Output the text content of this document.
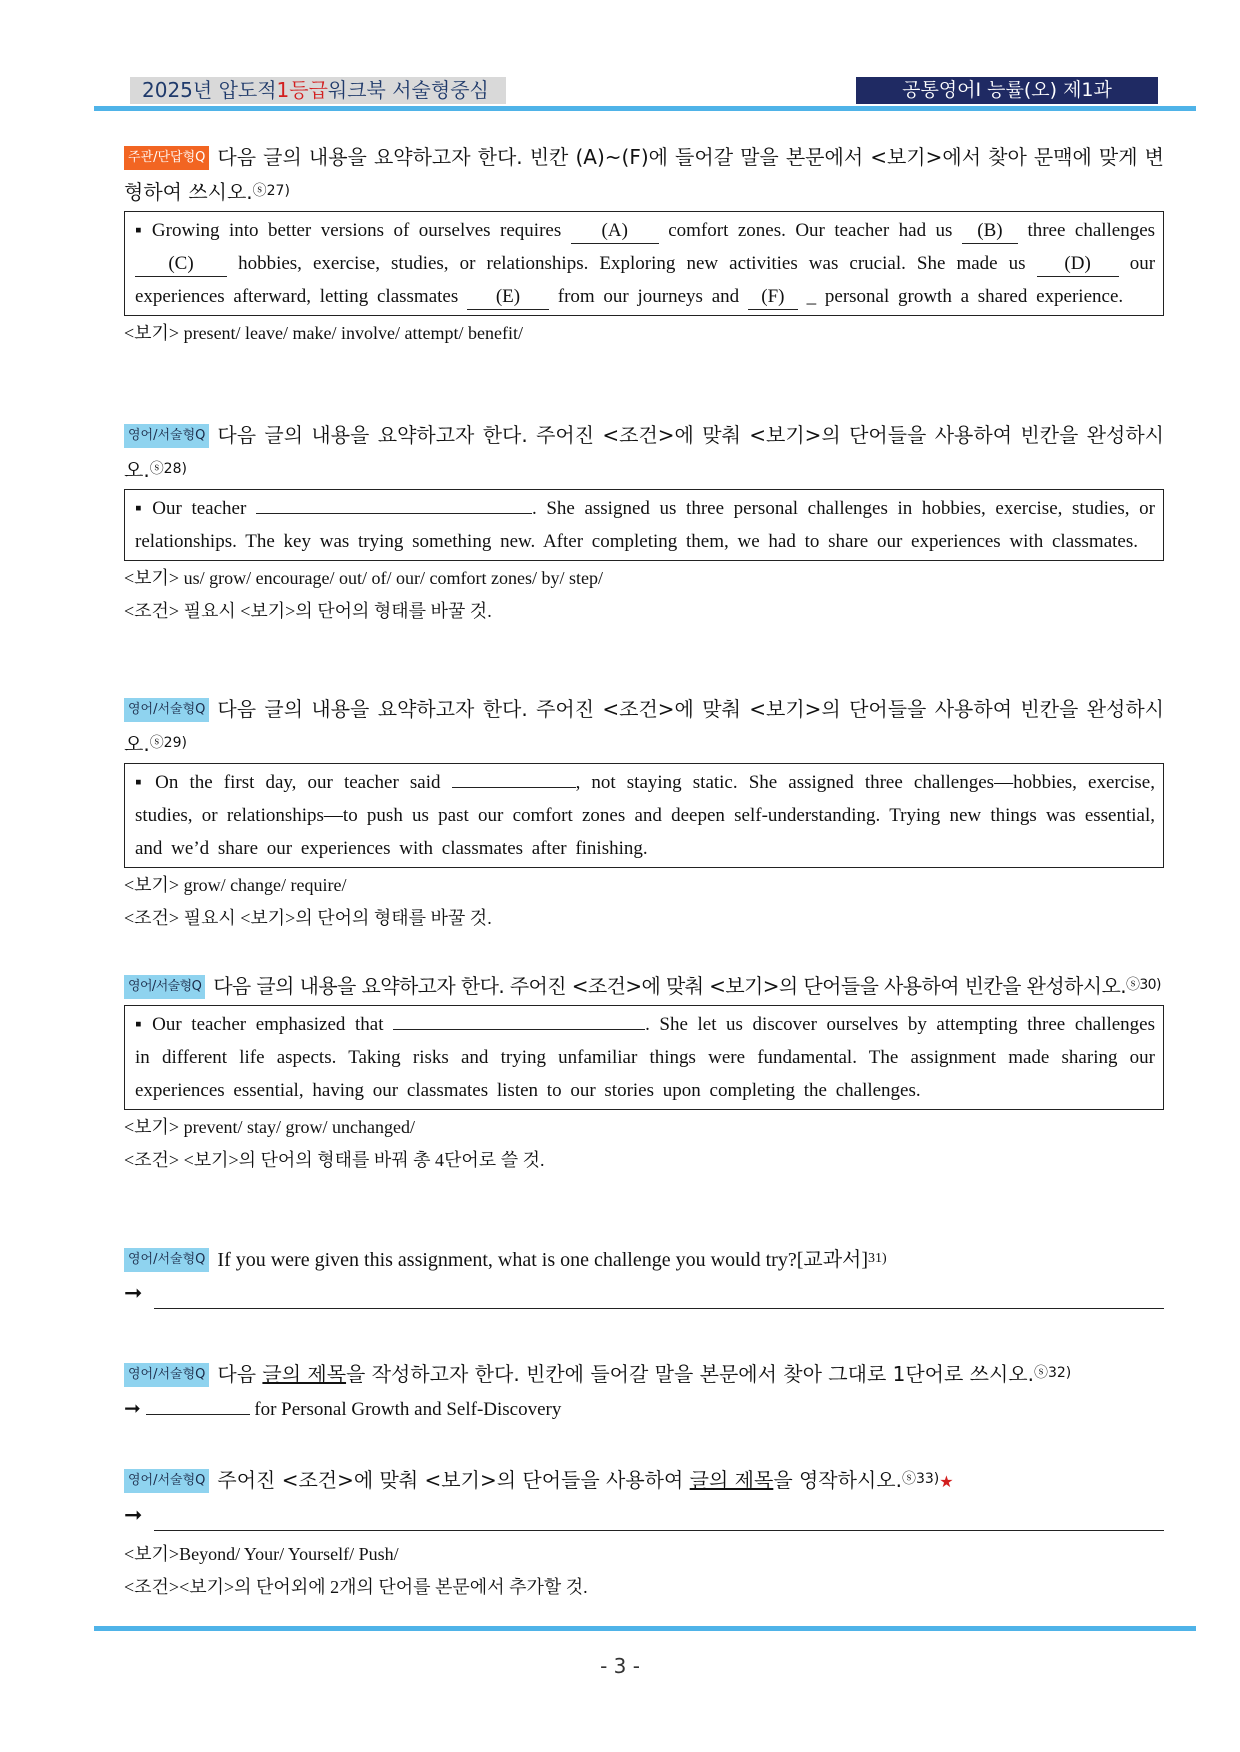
2025년 압도적1등급워크북 서술형중심	공통영어Ⅰ 능률(오) 제1과
주관/단답형Q 다음 글의 내용을 요약하고자 한다. 빈칸 (A)~(F)에 들어갈 말을 본문에서 <보기>에서 찾아 문맥에 맞게 변형하여 쓰시오.$^{ⓢ27)}$
▪ Growing into better versions of ourselves requires (A) comfort zones. Our teacher had us (B) three challenges (C) hobbies, exercise, studies, or relationships. Exploring new activities was crucial. She made us (D) our experiences afterward, letting classmates (E) from our journeys and (F) _ personal growth a shared experience.
<보기> present/ leave/ make/ involve/ attempt/ benefit/
영어/서술형Q 다음 글의 내용을 요약하고자 한다. 주어진 <조건>에 맞춰 <보기>의 단어들을 사용하여 빈칸을 완성하시오.$^{ⓢ28)}$
▪ Our teacher	. She assigned us three personal challenges in hobbies, exercise, studies, or relationships. The key was trying something new. After completing them, we had to share our experiences with classmates.
<보기> us/ grow/ encourage/ out/ of/ our/ comfort zones/ by/ step/
<조건> 필요시 <보기>의 단어의 형태를 바꿀 것.
영어/서술형Q 다음 글의 내용을 요약하고자 한다. 주어진 <조건>에 맞춰 <보기>의 단어들을 사용하여 빈칸을 완성하시오.$^{ⓢ29)}$
▪ On the first day, our teacher said	, not staying static. She assigned three challenges—hobbies, exercise, studies, or relationships—to push us past our comfort zones and deepen self-understanding. Trying new things was essential, and we’d share our experiences with classmates after finishing.
<보기> grow/ change/ require/
<조건> 필요시 <보기>의 단어의 형태를 바꿀 것.
영어/서술형Q 다음 글의 내용을 요약하고자 한다. 주어진 <조건>에 맞춰 <보기>의 단어들을 사용하여 빈칸을 완성하시오.$^{ⓢ30)}$
▪ Our teacher emphasized that	. She let us discover ourselves by attempting three challenges in different life aspects. Taking risks and trying unfamiliar things were fundamental. The assignment made sharing our experiences essential, having our classmates listen to our stories upon completing the challenges.
<보기> prevent/ stay/ grow/ unchanged/
<조건> <보기>의 단어의 형태를 바꿔 총 4단어로 쓸 것.
영어/서술형Q If you were given this assignment, what is one challenge you would try?[교과서]$^{31)}$
➞
영어/서술형Q 다음 글의 제목을 작성하고자 한다. 빈칸에 들어갈 말을 본문에서 찾아 그대로 1단어로 쓰시오.$^{ⓢ32)}$
➞	for Personal Growth and Self-Discovery
영어/서술형Q 주어진 <조건>에 맞춰 <보기>의 단어들을 사용하여 글의 제목을 영작하시오.$^{ⓢ33)}$★
➞
<보기>Beyond/ Your/ Yourself/ Push/
<조건><보기>의 단어외에 2개의 단어를 본문에서 추가할 것.
- 3 -
